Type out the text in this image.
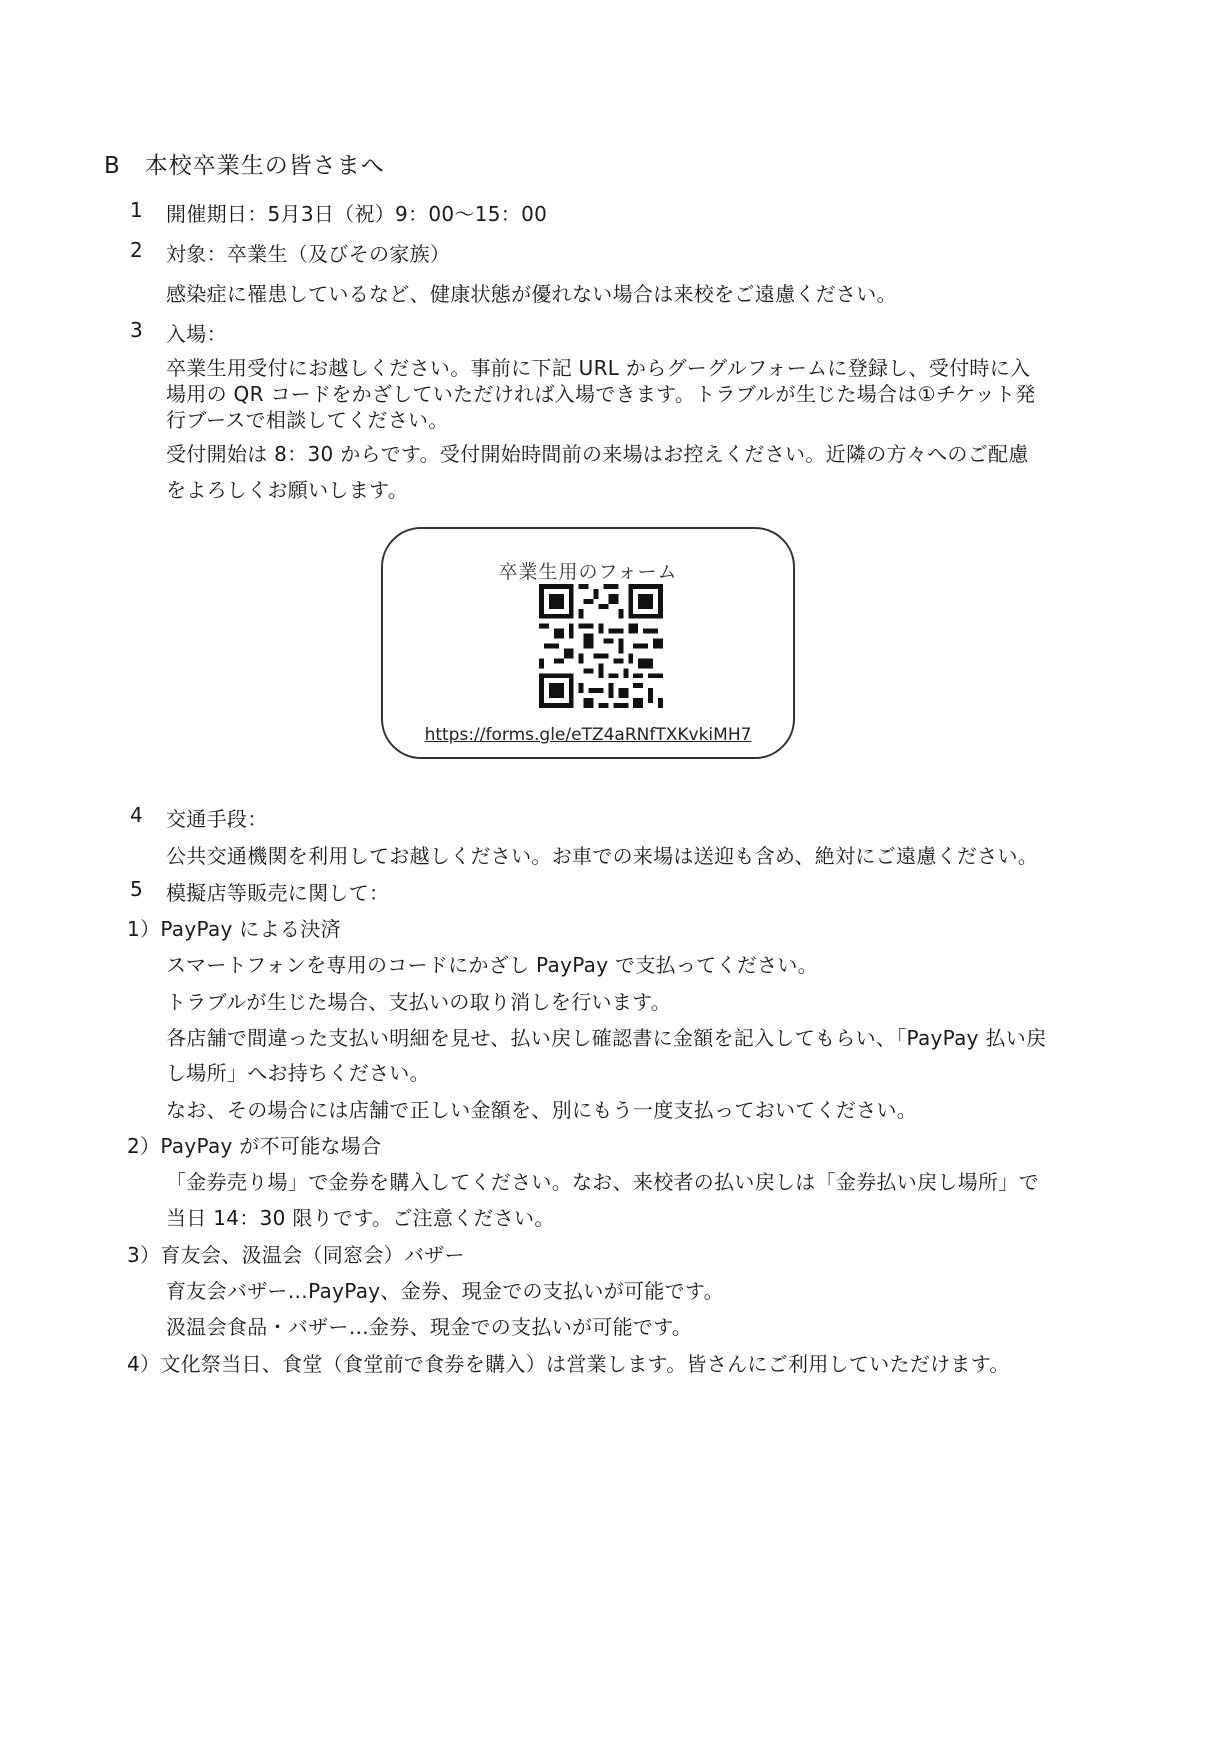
B　本校卒業生の皆さまへ
1 開催期日：5月3日（祝）9：00〜15：00
2 対象：卒業生（及びその家族）
感染症に罹患しているなど、健康状態が優れない場合は来校をご遠慮ください。
3 入場：
卒業生用受付にお越しください。事前に下記 URL からグーグルフォームに登録し、受付時に入
場用の QR コードをかざしていただければ入場できます。トラブルが生じた場合は①チケット発
行ブースで相談してください。
受付開始は 8：30 からです。受付開始時間前の来場はお控えください。近隣の方々へのご配慮
をよろしくお願いします。
卒業生用のフォーム
https://forms.gle/eTZ4aRNfTXKvkiMH7
4 交通手段：
公共交通機関を利用してお越しください。お車での来場は送迎も含め、絶対にご遠慮ください。
5 模擬店等販売に関して：
1）PayPay による決済
スマートフォンを専用のコードにかざし PayPay で支払ってください。
トラブルが生じた場合、支払いの取り消しを行います。
各店舗で間違った支払い明細を見せ、払い戻し確認書に金額を記入してもらい、「PayPay 払い戻
し場所」へお持ちください。
なお、その場合には店舗で正しい金額を、別にもう一度支払っておいてください。
2）PayPay が不可能な場合
「金券売り場」で金券を購入してください。なお、来校者の払い戻しは「金券払い戻し場所」で
当日 14：30 限りです。ご注意ください。
3）育友会、汲温会（同窓会）バザー
育友会バザー…PayPay、金券、現金での支払いが可能です。
汲温会食品・バザー…金券、現金での支払いが可能です。
4）文化祭当日、食堂（食堂前で食券を購入）は営業します。皆さんにご利用していただけます。
